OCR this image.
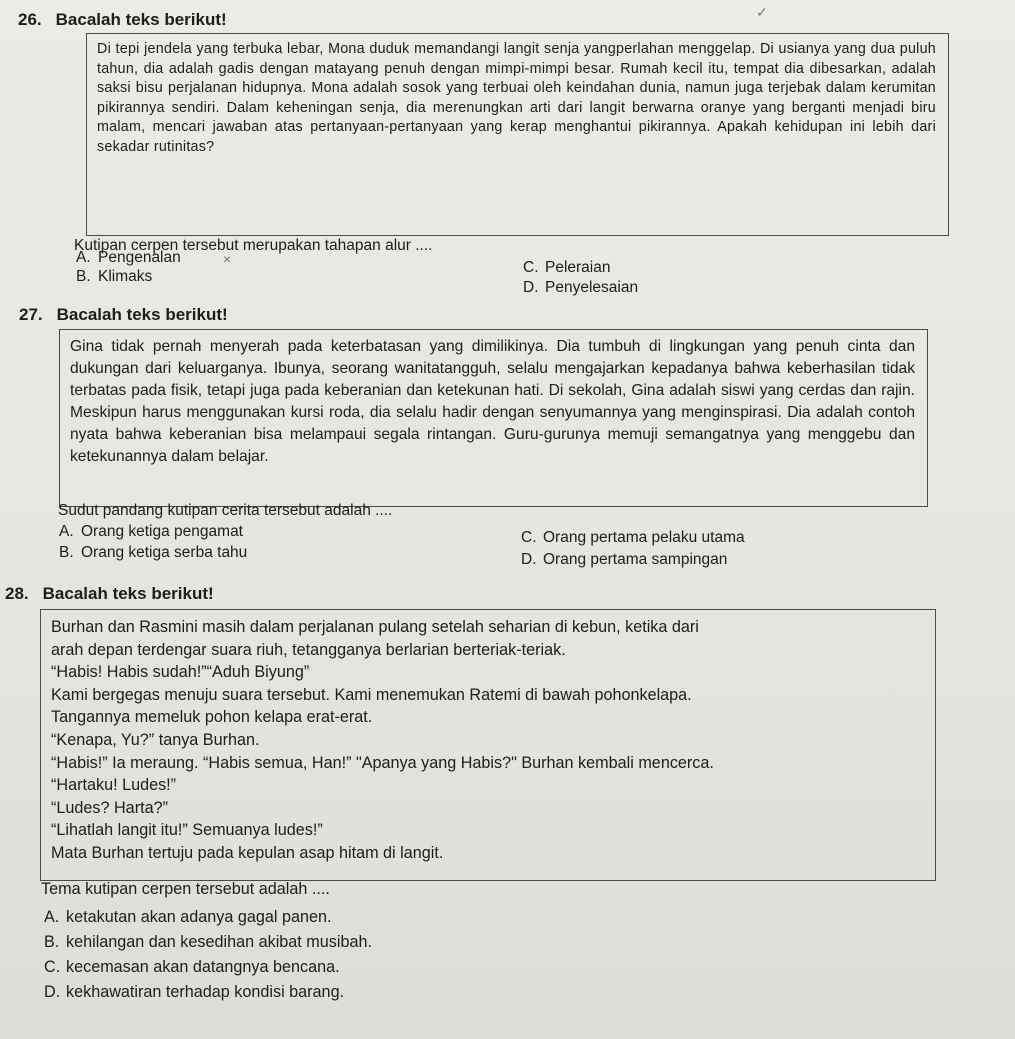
26. Bacalah teks berikut!	✓

Di tepi jendela yang terbuka lebar, Mona duduk memandangi langit senja yangperlahan menggelap. Di usianya yang dua puluh tahun, dia adalah gadis dengan matayang penuh dengan mimpi-mimpi besar. Rumah kecil itu, tempat dia dibesarkan, adalah saksi bisu perjalanan hidupnya. Mona adalah sosok yang terbuai oleh keindahan dunia, namun juga terjebak dalam kerumitan pikirannya sendiri. Dalam keheningan senja, dia merenungkan arti dari langit berwarna oranye yang berganti menjadi biru malam, mencari jawaban atas pertanyaan-pertanyaan yang kerap menghantui pikirannya. Apakah kehidupan ini lebih dari sekadar rutinitas?

Kutipan cerpen tersebut merupakan tahapan alur ....
A. Pengenalan	×
B. Klimaks
C. Peleraian
D. Penyelesaian
27. Bacalah teks berikut!

Gina tidak pernah menyerah pada keterbatasan yang dimilikinya. Dia tumbuh di lingkungan yang penuh cinta dan dukungan dari keluarganya. Ibunya, seorang wanitatangguh, selalu mengajarkan kepadanya bahwa keberhasilan tidak terbatas pada fisik, tetapi juga pada keberanian dan ketekunan hati. Di sekolah, Gina adalah siswi yang cerdas dan rajin. Meskipun harus menggunakan kursi roda, dia selalu hadir dengan senyumannya yang menginspirasi. Dia adalah contoh nyata bahwa keberanian bisa melampaui segala rintangan. Guru-gurunya memuji semangatnya yang menggebu dan ketekunannya dalam belajar.

Sudut pandang kutipan cerita tersebut adalah ....
A. Orang ketiga pengamat
B. Orang ketiga serba tahu
C. Orang pertama pelaku utama
D. Orang pertama sampingan
28. Bacalah teks berikut!
Burhan dan Rasmini masih dalam perjalanan pulang setelah seharian di kebun, ketika dari
arah depan terdengar suara riuh, tetangganya berlarian berteriak-teriak.
“Habis! Habis sudah!”“Aduh Biyung”
Kami bergegas menuju suara tersebut. Kami menemukan Ratemi di bawah pohonkelapa.
Tangannya memeluk pohon kelapa erat-erat.
“Kenapa, Yu?” tanya Burhan.
“Habis!” Ia meraung. “Habis semua, Han!” "Apanya yang Habis?" Burhan kembali mencerca.
“Hartaku! Ludes!”
“Ludes? Harta?”
“Lihatlah langit itu!” Semuanya ludes!”
Mata Burhan tertuju pada kepulan asap hitam di langit.
Tema kutipan cerpen tersebut adalah ....
A. ketakutan akan adanya gagal panen.
B. kehilangan dan kesedihan akibat musibah.
C. kecemasan akan datangnya bencana.
D. kekhawatiran terhadap kondisi barang.
